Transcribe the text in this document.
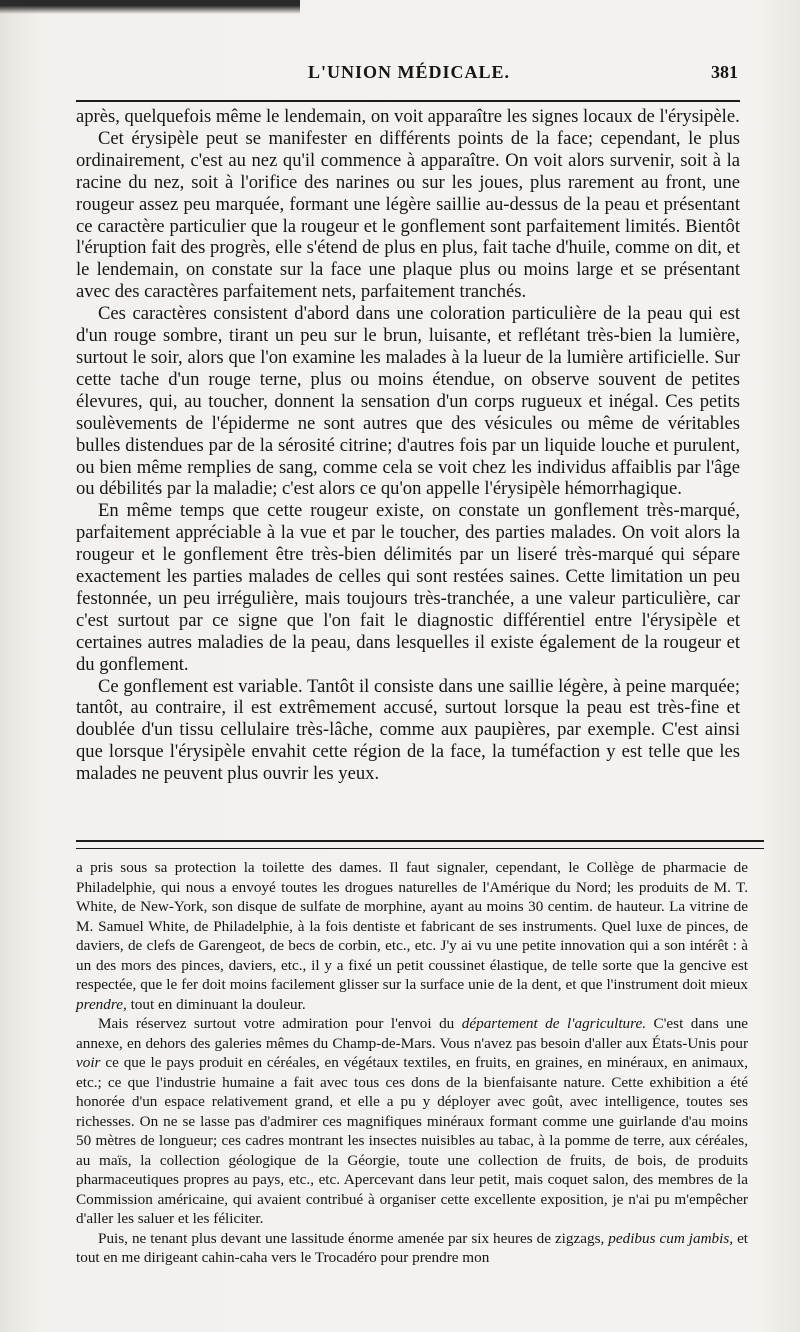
L'UNION MÉDICALE.	381

après, quelquefois même le lendemain, on voit apparaître les signes locaux de l'érysipèle.

Cet érysipèle peut se manifester en différents points de la face; cependant, le plus ordinairement, c'est au nez qu'il commence à apparaître. On voit alors survenir, soit à la racine du nez, soit à l'orifice des narines ou sur les joues, plus rarement au front, une rougeur assez peu marquée, formant une légère saillie au-dessus de la peau et présentant ce caractère particulier que la rougeur et le gonflement sont parfaitement limités. Bientôt l'éruption fait des progrès, elle s'étend de plus en plus, fait tache d'huile, comme on dit, et le lendemain, on constate sur la face une plaque plus ou moins large et se présentant avec des caractères parfaitement nets, parfaitement tranchés.

Ces caractères consistent d'abord dans une coloration particulière de la peau qui est d'un rouge sombre, tirant un peu sur le brun, luisante, et reflétant très-bien la lumière, surtout le soir, alors que l'on examine les malades à la lueur de la lumière artificielle. Sur cette tache d'un rouge terne, plus ou moins étendue, on observe souvent de petites élevures, qui, au toucher, donnent la sensation d'un corps rugueux et inégal. Ces petits soulèvements de l'épiderme ne sont autres que des vésicules ou même de véritables bulles distendues par de la sérosité citrine; d'autres fois par un liquide louche et purulent, ou bien même remplies de sang, comme cela se voit chez les individus affaiblis par l'âge ou débilités par la maladie; c'est alors ce qu'on appelle l'érysipèle hémorrhagique.

En même temps que cette rougeur existe, on constate un gonflement très-marqué, parfaitement appréciable à la vue et par le toucher, des parties malades. On voit alors la rougeur et le gonflement être très-bien délimités par un liseré très-marqué qui sépare exactement les parties malades de celles qui sont restées saines. Cette limitation un peu festonnée, un peu irrégulière, mais toujours très-tranchée, a une valeur particulière, car c'est surtout par ce signe que l'on fait le diagnostic différentiel entre l'érysipèle et certaines autres maladies de la peau, dans lesquelles il existe également de la rougeur et du gonflement.

Ce gonflement est variable. Tantôt il consiste dans une saillie légère, à peine marquée; tantôt, au contraire, il est extrêmement accusé, surtout lorsque la peau est très-fine et doublée d'un tissu cellulaire très-lâche, comme aux paupières, par exemple. C'est ainsi que lorsque l'érysipèle envahit cette région de la face, la tuméfaction y est telle que les malades ne peuvent plus ouvrir les yeux.

a pris sous sa protection la toilette des dames. Il faut signaler, cependant, le Collège de pharmacie de Philadelphie, qui nous a envoyé toutes les drogues naturelles de l'Amérique du Nord; les produits de M. T. White, de New-York, son disque de sulfate de morphine, ayant au moins 30 centim. de hauteur. La vitrine de M. Samuel White, de Philadelphie, à la fois dentiste et fabricant de ses instruments. Quel luxe de pinces, de daviers, de clefs de Garengeot, de becs de corbin, etc., etc. J'y ai vu une petite innovation qui a son intérêt : à un des mors des pinces, daviers, etc., il y a fixé un petit coussinet élastique, de telle sorte que la gencive est respectée, que le fer doit moins facilement glisser sur la surface unie de la dent, et que l'instrument doit mieux prendre, tout en diminuant la douleur.

Mais réservez surtout votre admiration pour l'envoi du département de l'agriculture. C'est dans une annexe, en dehors des galeries mêmes du Champ-de-Mars. Vous n'avez pas besoin d'aller aux États-Unis pour voir ce que le pays produit en céréales, en végétaux textiles, en fruits, en graines, en minéraux, en animaux, etc.; ce que l'industrie humaine a fait avec tous ces dons de la bienfaisante nature. Cette exhibition a été honorée d'un espace relativement grand, et elle a pu y déployer avec goût, avec intelligence, toutes ses richesses. On ne se lasse pas d'admirer ces magnifiques minéraux formant comme une guirlande d'au moins 50 mètres de longueur; ces cadres montrant les insectes nuisibles au tabac, à la pomme de terre, aux céréales, au maïs, la collection géologique de la Géorgie, toute une collection de fruits, de bois, de produits pharmaceutiques propres au pays, etc., etc. Apercevant dans leur petit, mais coquet salon, des membres de la Commission américaine, qui avaient contribué à organiser cette excellente exposition, je n'ai pu m'empêcher d'aller les saluer et les féliciter.

Puis, ne tenant plus devant une lassitude énorme amenée par six heures de zigzags, pedibus cum jambis, et tout en me dirigeant cahin-caha vers le Trocadéro pour prendre mon
